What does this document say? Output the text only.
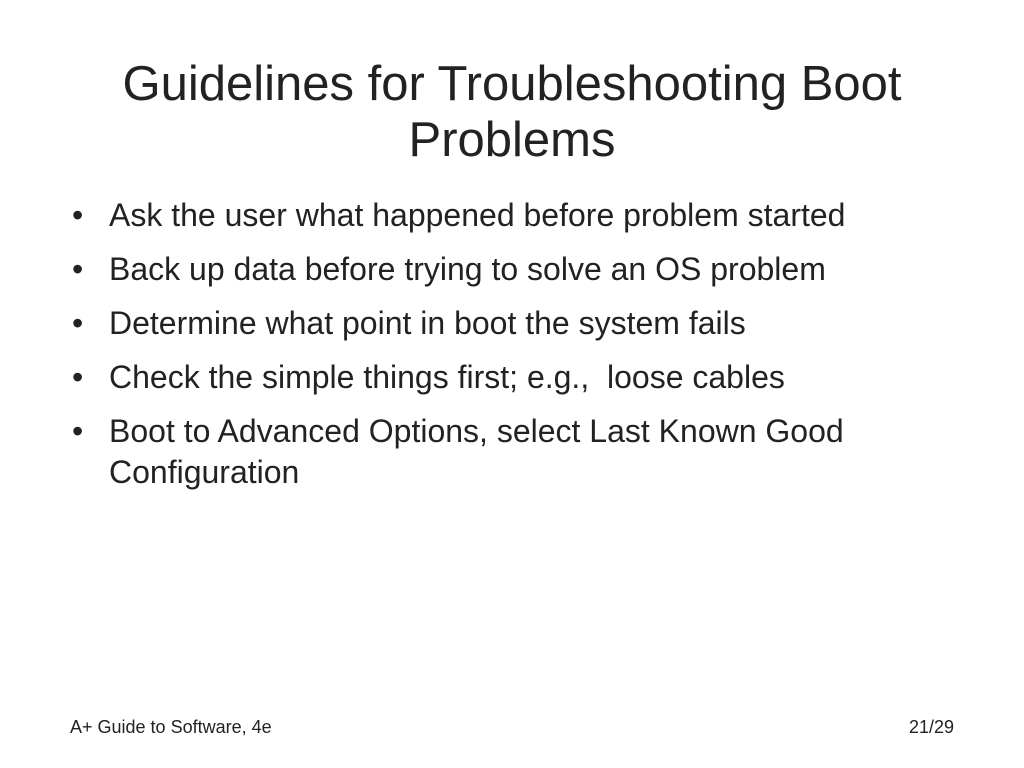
Guidelines for Troubleshooting Boot Problems
• Ask the user what happened before problem started
• Back up data before trying to solve an OS problem
• Determine what point in boot the system fails
• Check the simple things first; e.g.,  loose cables
• Boot to Advanced Options, select Last Known Good Configuration
A+ Guide to Software, 4e	21/29
